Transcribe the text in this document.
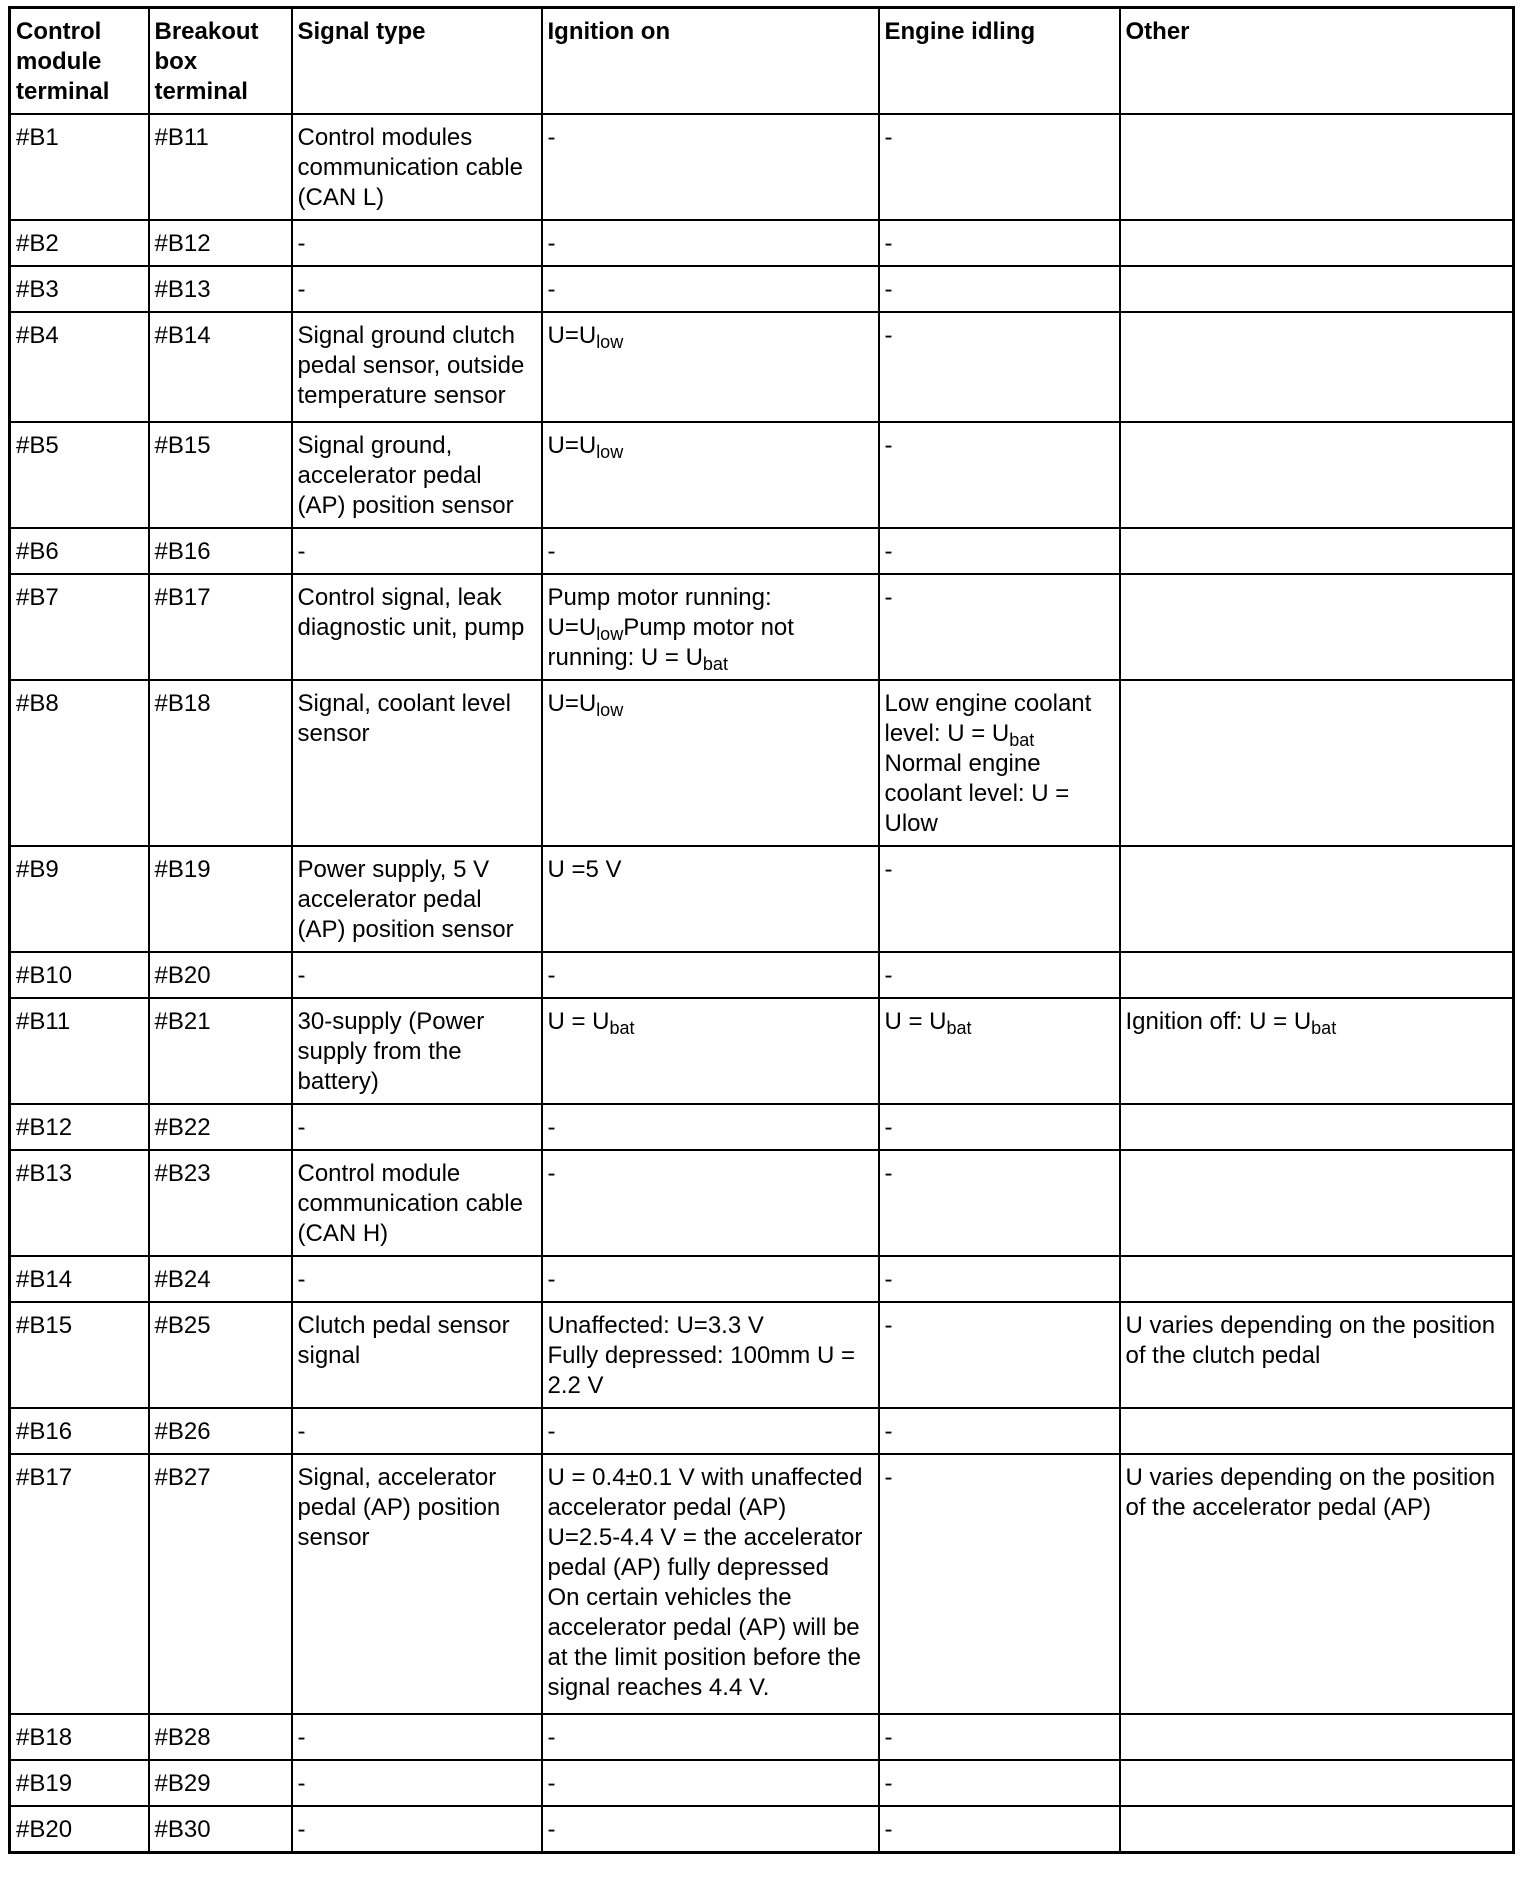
Control module terminal	Breakout box terminal	Signal type	Ignition on	Engine idling	Other
#B1	#B11	Control modules communication cable (CAN L)	-	-	
#B2	#B12	-	-	-	
#B3	#B13	-	-	-	
#B4	#B14	Signal ground clutch pedal sensor, outside temperature sensor	$U=U_{low}$	-	
#B5	#B15	Signal ground, accelerator pedal (AP) position sensor	$U=U_{low}$	-	
#B6	#B16	-	-	-	
#B7	#B17	Control signal, leak diagnostic unit, pump	Pump motor running: $U=U_{low}Pump$ motor not running: $U = U_{bat}$	-	
#B8	#B18	Signal, coolant level sensor	$U=U_{low}$	Low engine coolant level: $U = U_{bat}$
Normal engine coolant level: U = Ulow	
#B9	#B19	Power supply, 5 V accelerator pedal (AP) position sensor	U =5 V	-	
#B10	#B20	-	-	-	
#B11	#B21	30-supply (Power supply from the battery)	$U = U_{bat}$	$U = U_{bat}$	Ignition off: $U = U_{bat}$
#B12	#B22	-	-	-	
#B13	#B23	Control module communication cable (CAN H)	-	-	
#B14	#B24	-	-	-	
#B15	#B25	Clutch pedal sensor signal	Unaffected: U=3.3 V
Fully depressed: 100mm U = 2.2 V	-	U varies depending on the position of the clutch pedal
#B16	#B26	-	-	-	
#B17	#B27	Signal, accelerator pedal (AP) position sensor	U = 0.4±0.1 V with unaffected accelerator pedal (AP)
U=2.5-4.4 V = the accelerator pedal (AP) fully depressed
On certain vehicles the accelerator pedal (AP) will be at the limit position before the signal reaches 4.4 V.	-	U varies depending on the position of the accelerator pedal (AP)
#B18	#B28	-	-	-	
#B19	#B29	-	-	-	
#B20	#B30	-	-	-	
